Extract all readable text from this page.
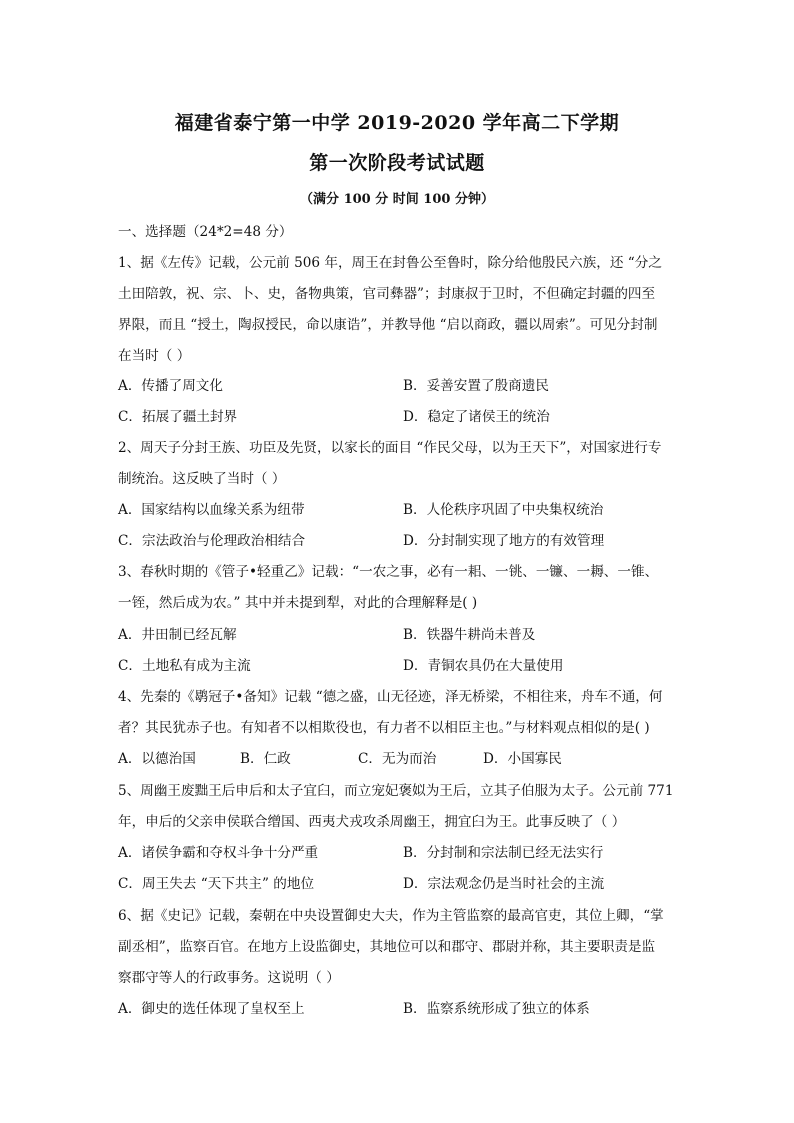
福建省泰宁第一中学 2019-2020 学年高二下学期
第一次阶段考试试题
（满分 100 分 时间 100 分钟）
一、选择题（24*2=48 分）
1、据《左传》记载，公元前 506 年，周王在封鲁公至鲁时，除分给他殷民六族，还 “分之
土田陪敦，祝、宗、卜、史，备物典策，官司彝器”；封康叔于卫时，不但确定封疆的四至
界限，而且 “授土，陶叔授民，命以康诰”，并教导他 “启以商政，疆以周索”。可见分封制
在当时（ ）
A．传播了周文化	B．妥善安置了殷商遗民
C．拓展了疆土封界	D．稳定了诸侯王的统治
2、周天子分封王族、功臣及先贤，以家长的面目 “作民父母，以为王天下”，对国家进行专
制统治。这反映了当时（ ）
A．国家结构以血缘关系为纽带	B．人伦秩序巩固了中央集权统治
C．宗法政治与伦理政治相结合	D．分封制实现了地方的有效管理
3、春秋时期的《管子•轻重乙》记载：“一农之事，必有一耜、一铫、一镰、一耨、一锥、
一铚，然后成为农。” 其中并未提到犁，对此的合理解释是( )
A．井田制已经瓦解	B．铁器牛耕尚未普及
C．土地私有成为主流	D．青铜农具仍在大量使用
4、先秦的《鹖冠子•备知》记载 “德之盛，山无径迹，泽无桥梁，不相往来，舟车不通，何
者？其民犹赤子也。有知者不以相欺役也，有力者不以相臣主也。”与材料观点相似的是( )
A．以德治国	B．仁政	C．无为而治	D．小国寡民
5、周幽王废黜王后申后和太子宜臼，而立宠妃褒姒为王后，立其子伯服为太子。公元前 771
年，申后的父亲申侯联合缯国、西夷犬戎攻杀周幽王，拥宜臼为王。此事反映了（ ）
A．诸侯争霸和夺权斗争十分严重	B．分封制和宗法制已经无法实行
C．周王失去 “天下共主” 的地位	D．宗法观念仍是当时社会的主流
6、据《史记》记载，秦朝在中央设置御史大夫，作为主管监察的最高官吏，其位上卿，“掌
副丞相”，监察百官。在地方上设监御史，其地位可以和郡守、郡尉并称，其主要职责是监
察郡守等人的行政事务。这说明（ ）
A．御史的选任体现了皇权至上	B．监察系统形成了独立的体系
